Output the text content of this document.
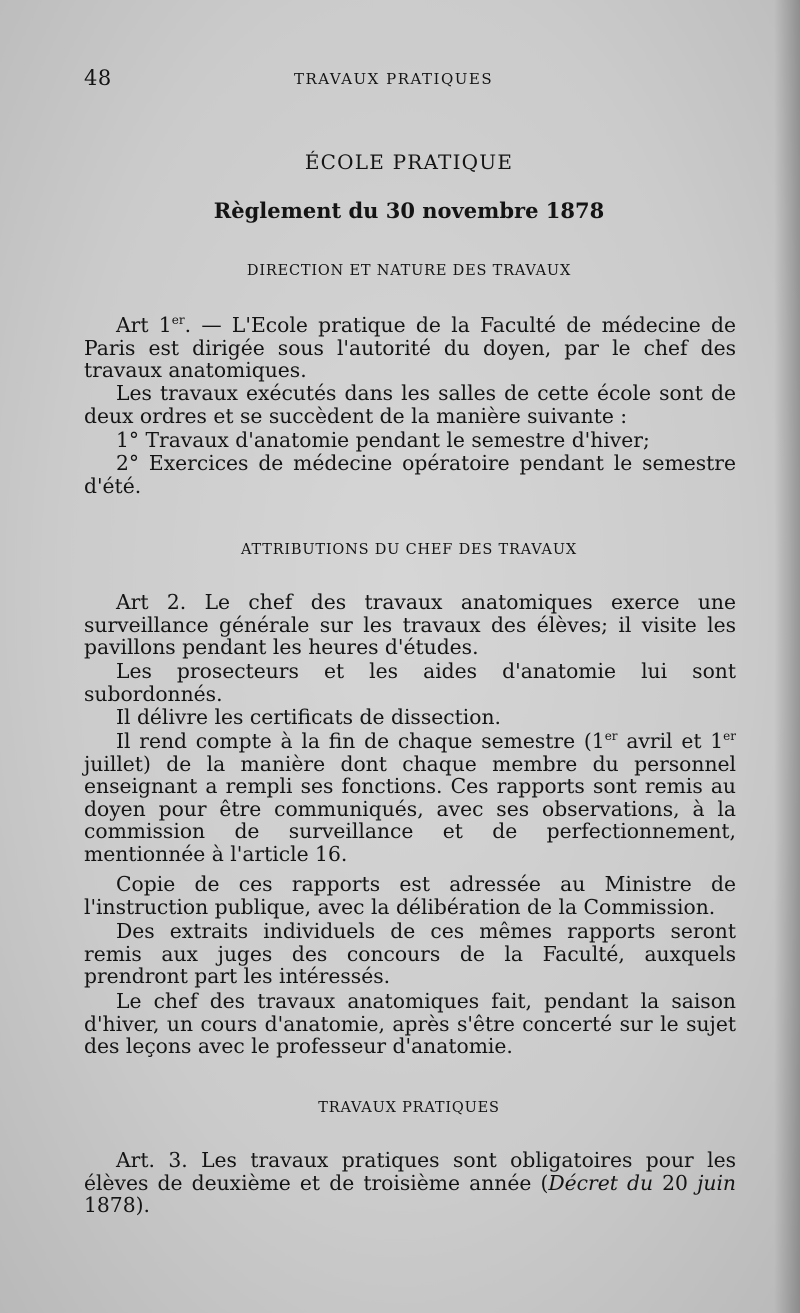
48	TRAVAUX PRATIQUES
ÉCOLE PRATIQUE
Règlement du 30 novembre 1878
DIRECTION ET NATURE DES TRAVAUX

Art 1er. — L'Ecole pratique de la Faculté de médecine de Paris est dirigée sous l'autorité du doyen, par le chef des travaux anatomiques.

Les travaux exécutés dans les salles de cette école sont de deux ordres et se succèdent de la manière suivante :

1° Travaux d'anatomie pendant le semestre d'hiver;

2° Exercices de médecine opératoire pendant le semestre d'été.

ATTRIBUTIONS DU CHEF DES TRAVAUX

Art 2. Le chef des travaux anatomiques exerce une surveillance générale sur les travaux des élèves; il visite les pavillons pendant les heures d'études.

Les prosecteurs et les aides d'anatomie lui sont subordonnés.

Il délivre les certificats de dissection.

Il rend compte à la fin de chaque semestre (1er avril et 1er juillet) de la manière dont chaque membre du personnel enseignant a rempli ses fonctions. Ces rapports sont remis au doyen pour être communiqués, avec ses observations, à la commission de surveillance et de perfectionnement, mentionnée à l'article 16.

Copie de ces rapports est adressée au Ministre de l'instruction publique, avec la délibération de la Commission.

Des extraits individuels de ces mêmes rapports seront remis aux juges des concours de la Faculté, auxquels prendront part les intéressés.

Le chef des travaux anatomiques fait, pendant la saison d'hiver, un cours d'anatomie, après s'être concerté sur le sujet des leçons avec le professeur d'anatomie.

TRAVAUX PRATIQUES

Art. 3. Les travaux pratiques sont obligatoires pour les élèves de deuxième et de troisième année (Décret du 20 juin 1878).
